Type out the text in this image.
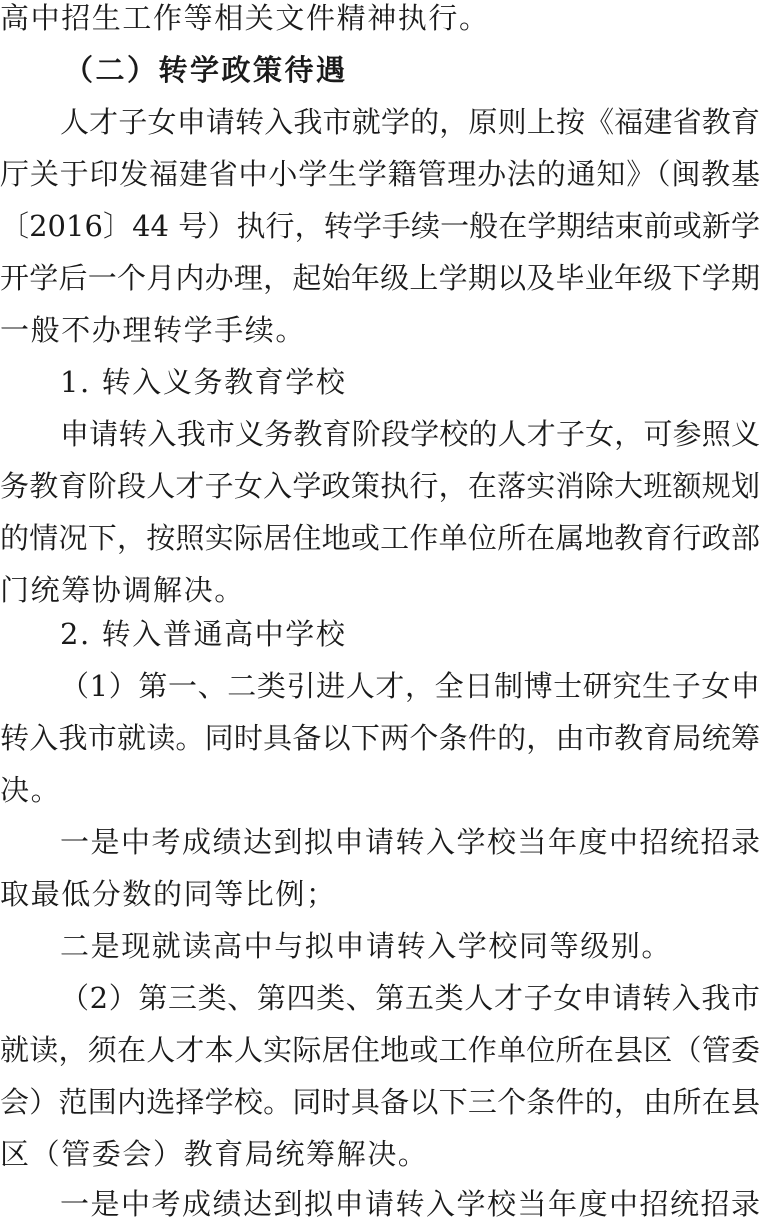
高中招生工作等相关文件精神执行。
（二）转学政策待遇
人才子女申请转入我市就学的，原则上按《福建省教育
厅关于印发福建省中小学生学籍管理办法的通知》（闽教基
〔2016〕44 号）执行，转学手续一般在学期结束前或新学
开学后一个月内办理，起始年级上学期以及毕业年级下学期
一般不办理转学手续。
1. 转入义务教育学校
申请转入我市义务教育阶段学校的人才子女，可参照义
务教育阶段人才子女入学政策执行，在落实消除大班额规划
的情况下，按照实际居住地或工作单位所在属地教育行政部
门统筹协调解决。
2. 转入普通高中学校
（1）第一、二类引进人才，全日制博士研究生子女申
转入我市就读。同时具备以下两个条件的，由市教育局统筹
决。
一是中考成绩达到拟申请转入学校当年度中招统招录
取最低分数的同等比例；
二是现就读高中与拟申请转入学校同等级别。
（2）第三类、第四类、第五类人才子女申请转入我市
就读，须在人才本人实际居住地或工作单位所在县区（管委
会）范围内选择学校。同时具备以下三个条件的，由所在县
区（管委会）教育局统筹解决。
一是中考成绩达到拟申请转入学校当年度中招统招录
